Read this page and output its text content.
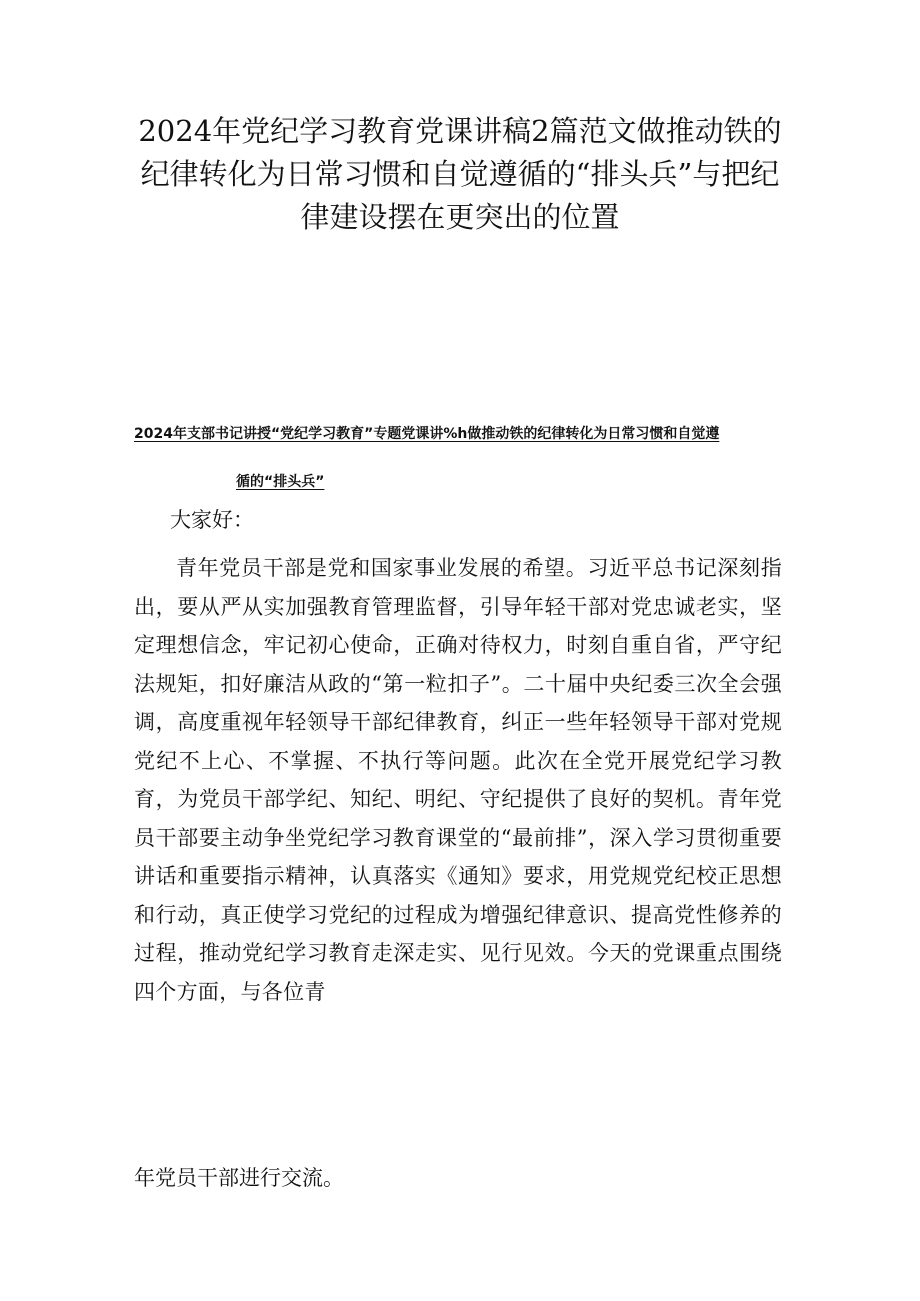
2024年党纪学习教育党课讲稿2篇范文做推动铁的纪律转化为日常习惯和自觉遵循的“排头兵”与把纪律建设摆在更突出的位置
2024年支部书记讲授“党纪学习教育”专题党课讲%h做推动铁的纪律转化为日常习惯和自觉遵
循的“排头兵”

大家好：

青年党员干部是党和国家事业发展的希望。习近平总书记深刻指出，要从严从实加强教育管理监督，引导年轻干部对党忠诚老实，坚定理想信念，牢记初心使命，正确对待权力，时刻自重自省，严守纪法规矩，扣好廉洁从政的“第一粒扣子”。二十届中央纪委三次全会强调，高度重视年轻领导干部纪律教育，纠正一些年轻领导干部对党规党纪不上心、不掌握、不执行等问题。此次在全党开展党纪学习教育，为党员干部学纪、知纪、明纪、守纪提供了良好的契机。青年党员干部要主动争坐党纪学习教育课堂的“最前排”，深入学习贯彻重要讲话和重要指示精神，认真落实《通知》要求，用党规党纪校正思想和行动，真正使学习党纪的过程成为增强纪律意识、提高党性修养的过程，推动党纪学习教育走深走实、见行见效。今天的党课重点围绕四个方面，与各位青

年党员干部进行交流。
